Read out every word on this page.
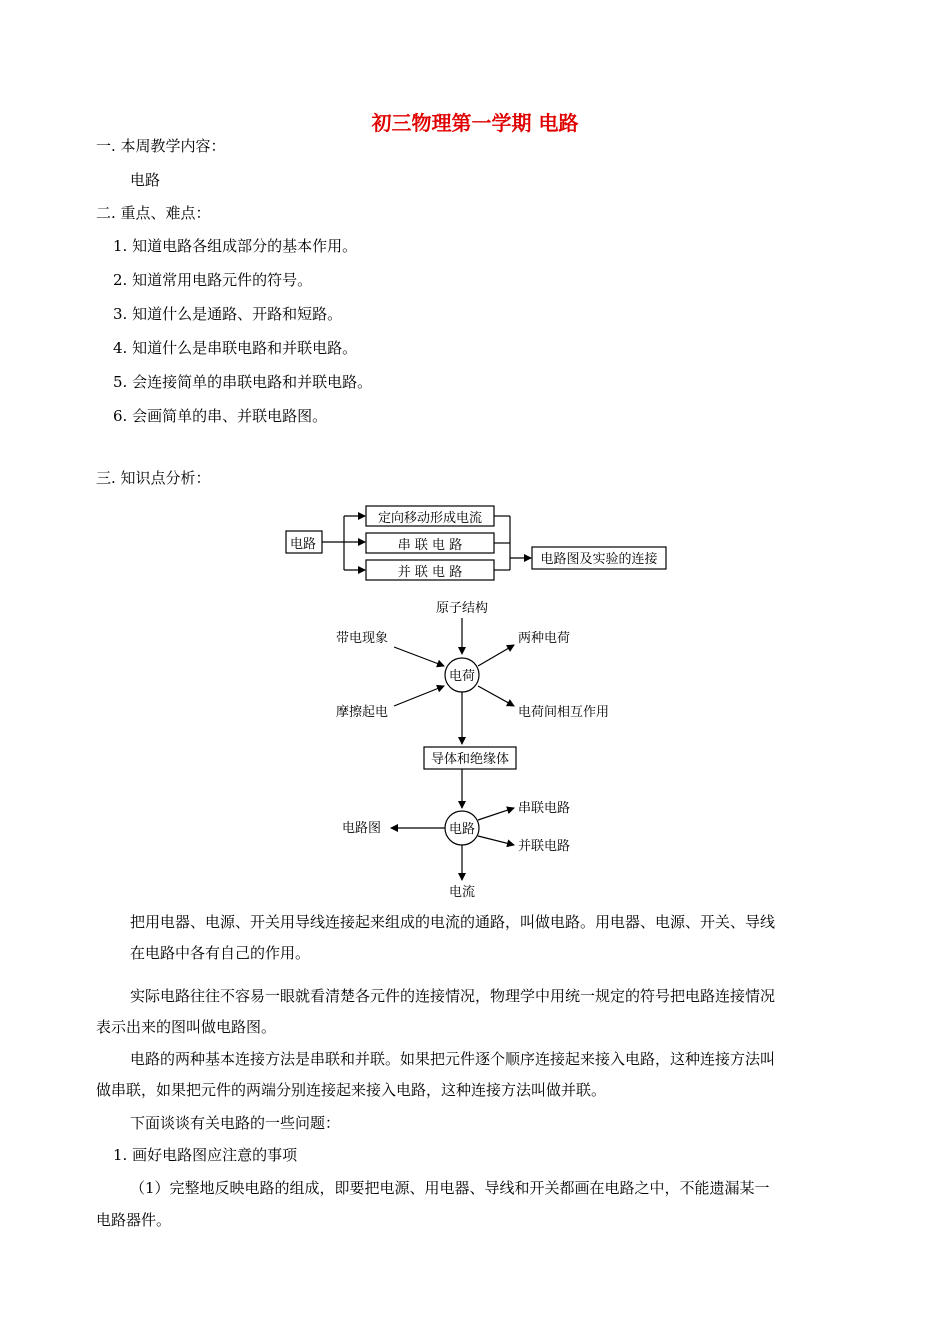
初三物理第一学期 电路
一. 本周教学内容：
电路
二. 重点、难点：
1. 知道电路各组成部分的基本作用。
2. 知道常用电路元件的符号。
3. 知道什么是通路、开路和短路。
4. 知道什么是串联电路和并联电路。
5. 会连接简单的串联电路和并联电路。
6. 会画简单的串、并联电路图。
三. 知识点分析：
电路
定向移动形成电流
串 联 电 路
并 联 电 路
电路图及实验的连接
原子结构
电荷
带电现象
摩擦起电
两种电荷
电荷间相互作用
导体和绝缘体
电路
电路图
串联电路
并联电路
电流
把用电器、电源、开关用导线连接起来组成的电流的通路，叫做电路。用电器、电源、开关、导线
在电路中各有自己的作用。
实际电路往往不容易一眼就看清楚各元件的连接情况，物理学中用统一规定的符号把电路连接情况
表示出来的图叫做电路图。
电路的两种基本连接方法是串联和并联。如果把元件逐个顺序连接起来接入电路，这种连接方法叫
做串联，如果把元件的两端分别连接起来接入电路，这种连接方法叫做并联。
下面谈谈有关电路的一些问题：
1. 画好电路图应注意的事项
（1）完整地反映电路的组成，即要把电源、用电器、导线和开关都画在电路之中，不能遗漏某一
电路器件。
